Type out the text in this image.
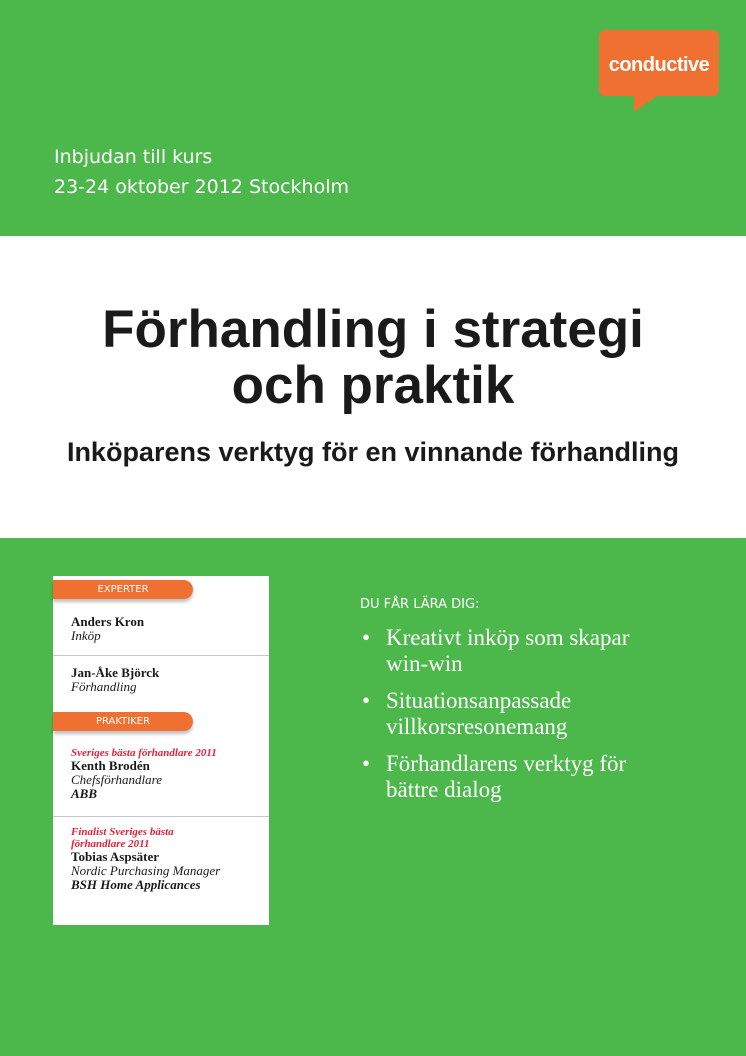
conductive
Inbjudan till kurs
23-24 oktober 2012 Stockholm
Förhandling i strategi
och praktik
Inköparens verktyg för en vinnande förhandling
EXPERTER
Anders Kron
Inköp
Jan-Åke Björck
Förhandling
PRAKTIKER
Sveriges bästa förhandlare 2011
Kenth Brodén
Chefsförhandlare
ABB
Finalist Sveriges bästa
förhandlare 2011
Tobias Aspsäter
Nordic Purchasing Manager
BSH Home Applicances
DU FÅR LÄRA DIG:
• Kreativt inköp som skapar
win-win
• Situationsanpassade
villkorsresonemang
• Förhandlarens verktyg för
bättre dialog
